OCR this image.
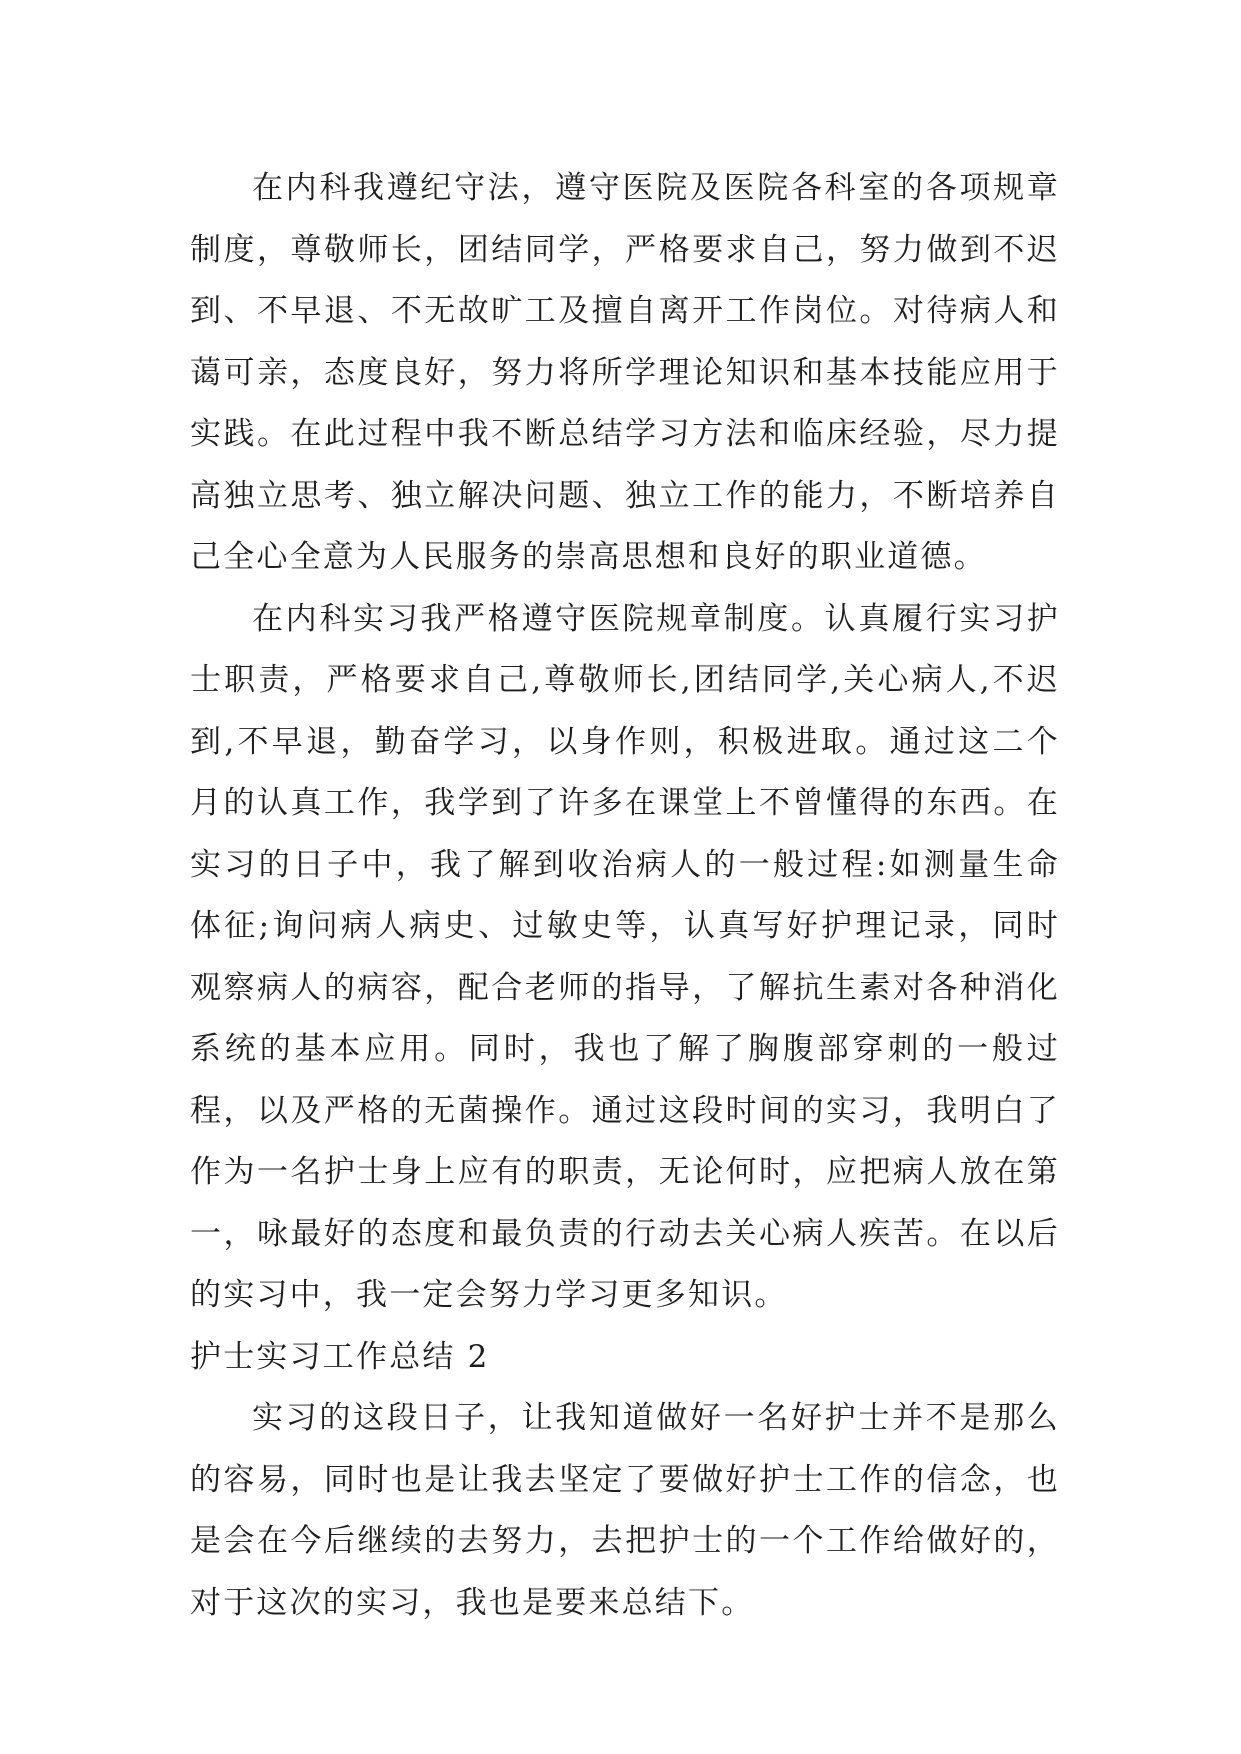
在内科我遵纪守法，遵守医院及医院各科室的各项规章制度，尊敬师长，团结同学，严格要求自己，努力做到不迟到、不早退、不无故旷工及擅自离开工作岗位。对待病人和蔼可亲，态度良好，努力将所学理论知识和基本技能应用于实践。在此过程中我不断总结学习方法和临床经验，尽力提高独立思考、独立解决问题、独立工作的能力，不断培养自己全心全意为人民服务的崇高思想和良好的职业道德。

在内科实习我严格遵守医院规章制度。认真履行实习护士职责，严格要求自己,尊敬师长,团结同学,关心病人,不迟到,不早退，勤奋学习，以身作则，积极进取。通过这二个月的认真工作，我学到了许多在课堂上不曾懂得的东西。在实习的日子中，我了解到收治病人的一般过程:如测量生命体征;询问病人病史、过敏史等，认真写好护理记录，同时观察病人的病容，配合老师的指导，了解抗生素对各种消化系统的基本应用。同时，我也了解了胸腹部穿刺的一般过程，以及严格的无菌操作。通过这段时间的实习，我明白了作为一名护士身上应有的职责，无论何时，应把病人放在第一，咏最好的态度和最负责的行动去关心病人疾苦。在以后的实习中，我一定会努力学习更多知识。

护士实习工作总结 2

实习的这段日子，让我知道做好一名好护士并不是那么的容易，同时也是让我去坚定了要做好护士工作的信念，也是会在今后继续的去努力，去把护士的一个工作给做好的，对于这次的实习，我也是要来总结下。
